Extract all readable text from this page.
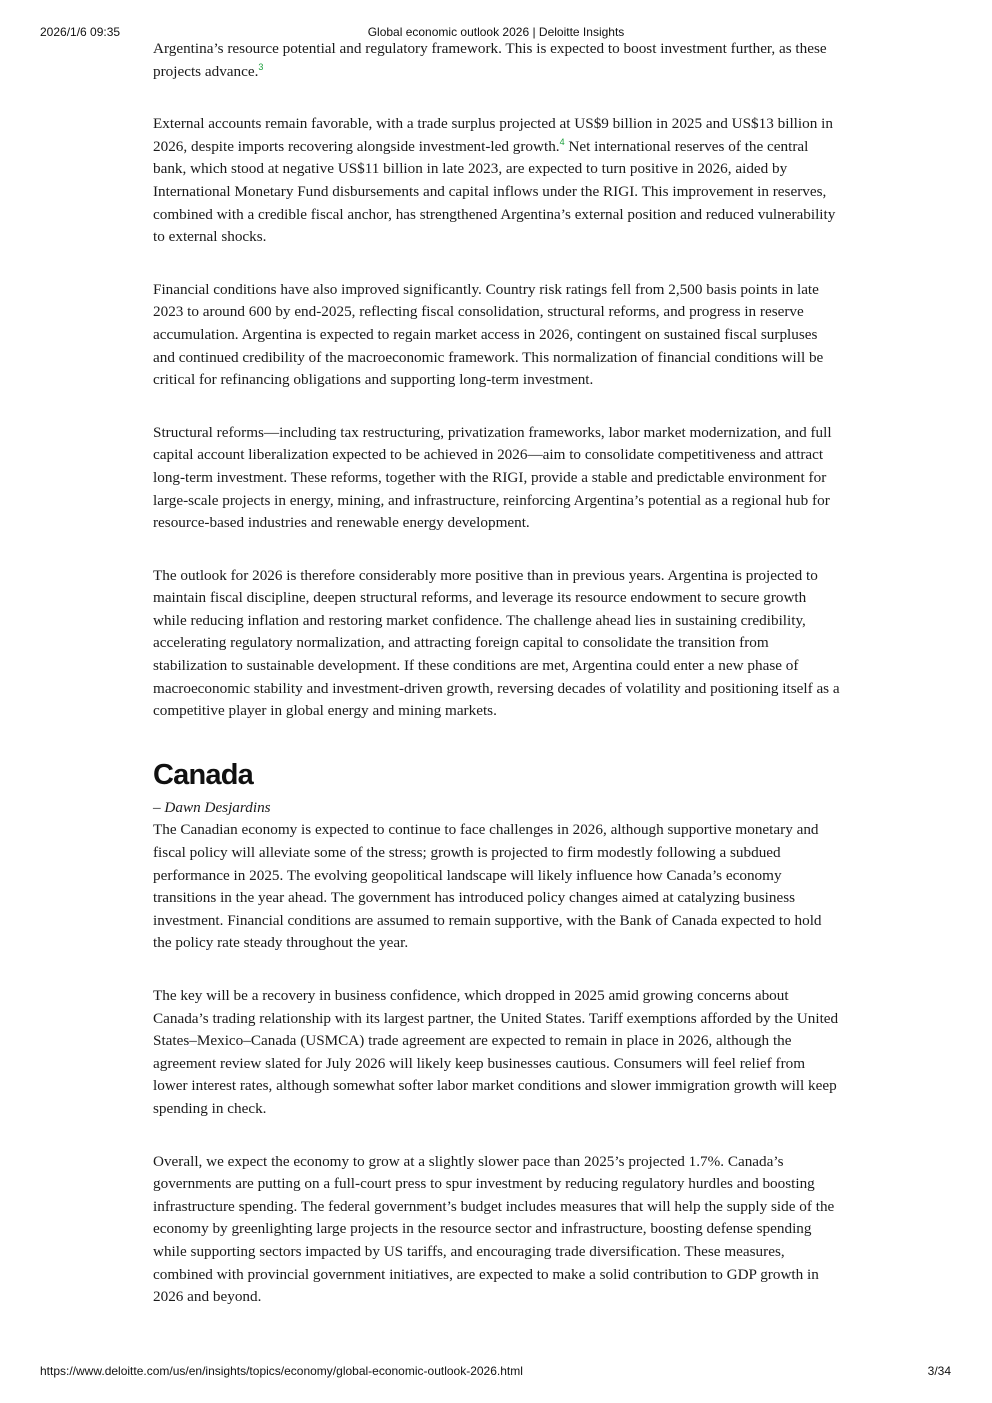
2026/1/6 09:35	Global economic outlook 2026 | Deloitte Insights

Argentina’s resource potential and regulatory framework. This is expected to boost investment further, as these projects advance.$^3$

External accounts remain favorable, with a trade surplus projected at US$9 billion in 2025 and US$13 billion in 2026, despite imports recovering alongside investment-led growth.$^4$ Net international reserves of the central bank, which stood at negative US$11 billion in late 2023, are expected to turn positive in 2026, aided by International Monetary Fund disbursements and capital inflows under the RIGI. This improvement in reserves, combined with a credible fiscal anchor, has strengthened Argentina’s external position and reduced vulnerability to external shocks.

Financial conditions have also improved significantly. Country risk ratings fell from 2,500 basis points in late 2023 to around 600 by end-2025, reflecting fiscal consolidation, structural reforms, and progress in reserve accumulation. Argentina is expected to regain market access in 2026, contingent on sustained fiscal surpluses and continued credibility of the macroeconomic framework. This normalization of financial conditions will be critical for refinancing obligations and supporting long-term investment.

Structural reforms—including tax restructuring, privatization frameworks, labor market modernization, and full capital account liberalization expected to be achieved in 2026—aim to consolidate competitiveness and attract long-term investment. These reforms, together with the RIGI, provide a stable and predictable environment for large-scale projects in energy, mining, and infrastructure, reinforcing Argentina’s potential as a regional hub for resource-based industries and renewable energy development.

The outlook for 2026 is therefore considerably more positive than in previous years. Argentina is projected to maintain fiscal discipline, deepen structural reforms, and leverage its resource endowment to secure growth while reducing inflation and restoring market confidence. The challenge ahead lies in sustaining credibility, accelerating regulatory normalization, and attracting foreign capital to consolidate the transition from stabilization to sustainable development. If these conditions are met, Argentina could enter a new phase of macroeconomic stability and investment-driven growth, reversing decades of volatility and positioning itself as a competitive player in global energy and mining markets.

Canada

– Dawn Desjardins

The Canadian economy is expected to continue to face challenges in 2026, although supportive monetary and fiscal policy will alleviate some of the stress; growth is projected to firm modestly following a subdued performance in 2025. The evolving geopolitical landscape will likely influence how Canada’s economy transitions in the year ahead. The government has introduced policy changes aimed at catalyzing business investment. Financial conditions are assumed to remain supportive, with the Bank of Canada expected to hold the policy rate steady throughout the year.

The key will be a recovery in business confidence, which dropped in 2025 amid growing concerns about Canada’s trading relationship with its largest partner, the United States. Tariff exemptions afforded by the United States–Mexico–Canada (USMCA) trade agreement are expected to remain in place in 2026, although the agreement review slated for July 2026 will likely keep businesses cautious. Consumers will feel relief from lower interest rates, although somewhat softer labor market conditions and slower immigration growth will keep spending in check.

Overall, we expect the economy to grow at a slightly slower pace than 2025’s projected 1.7%. Canada’s governments are putting on a full-court press to spur investment by reducing regulatory hurdles and boosting infrastructure spending. The federal government’s budget includes measures that will help the supply side of the economy by greenlighting large projects in the resource sector and infrastructure, boosting defense spending while supporting sectors impacted by US tariffs, and encouraging trade diversification. These measures, combined with provincial government initiatives, are expected to make a solid contribution to GDP growth in 2026 and beyond.

https://www.deloitte.com/us/en/insights/topics/economy/global-economic-outlook-2026.html	3/34
